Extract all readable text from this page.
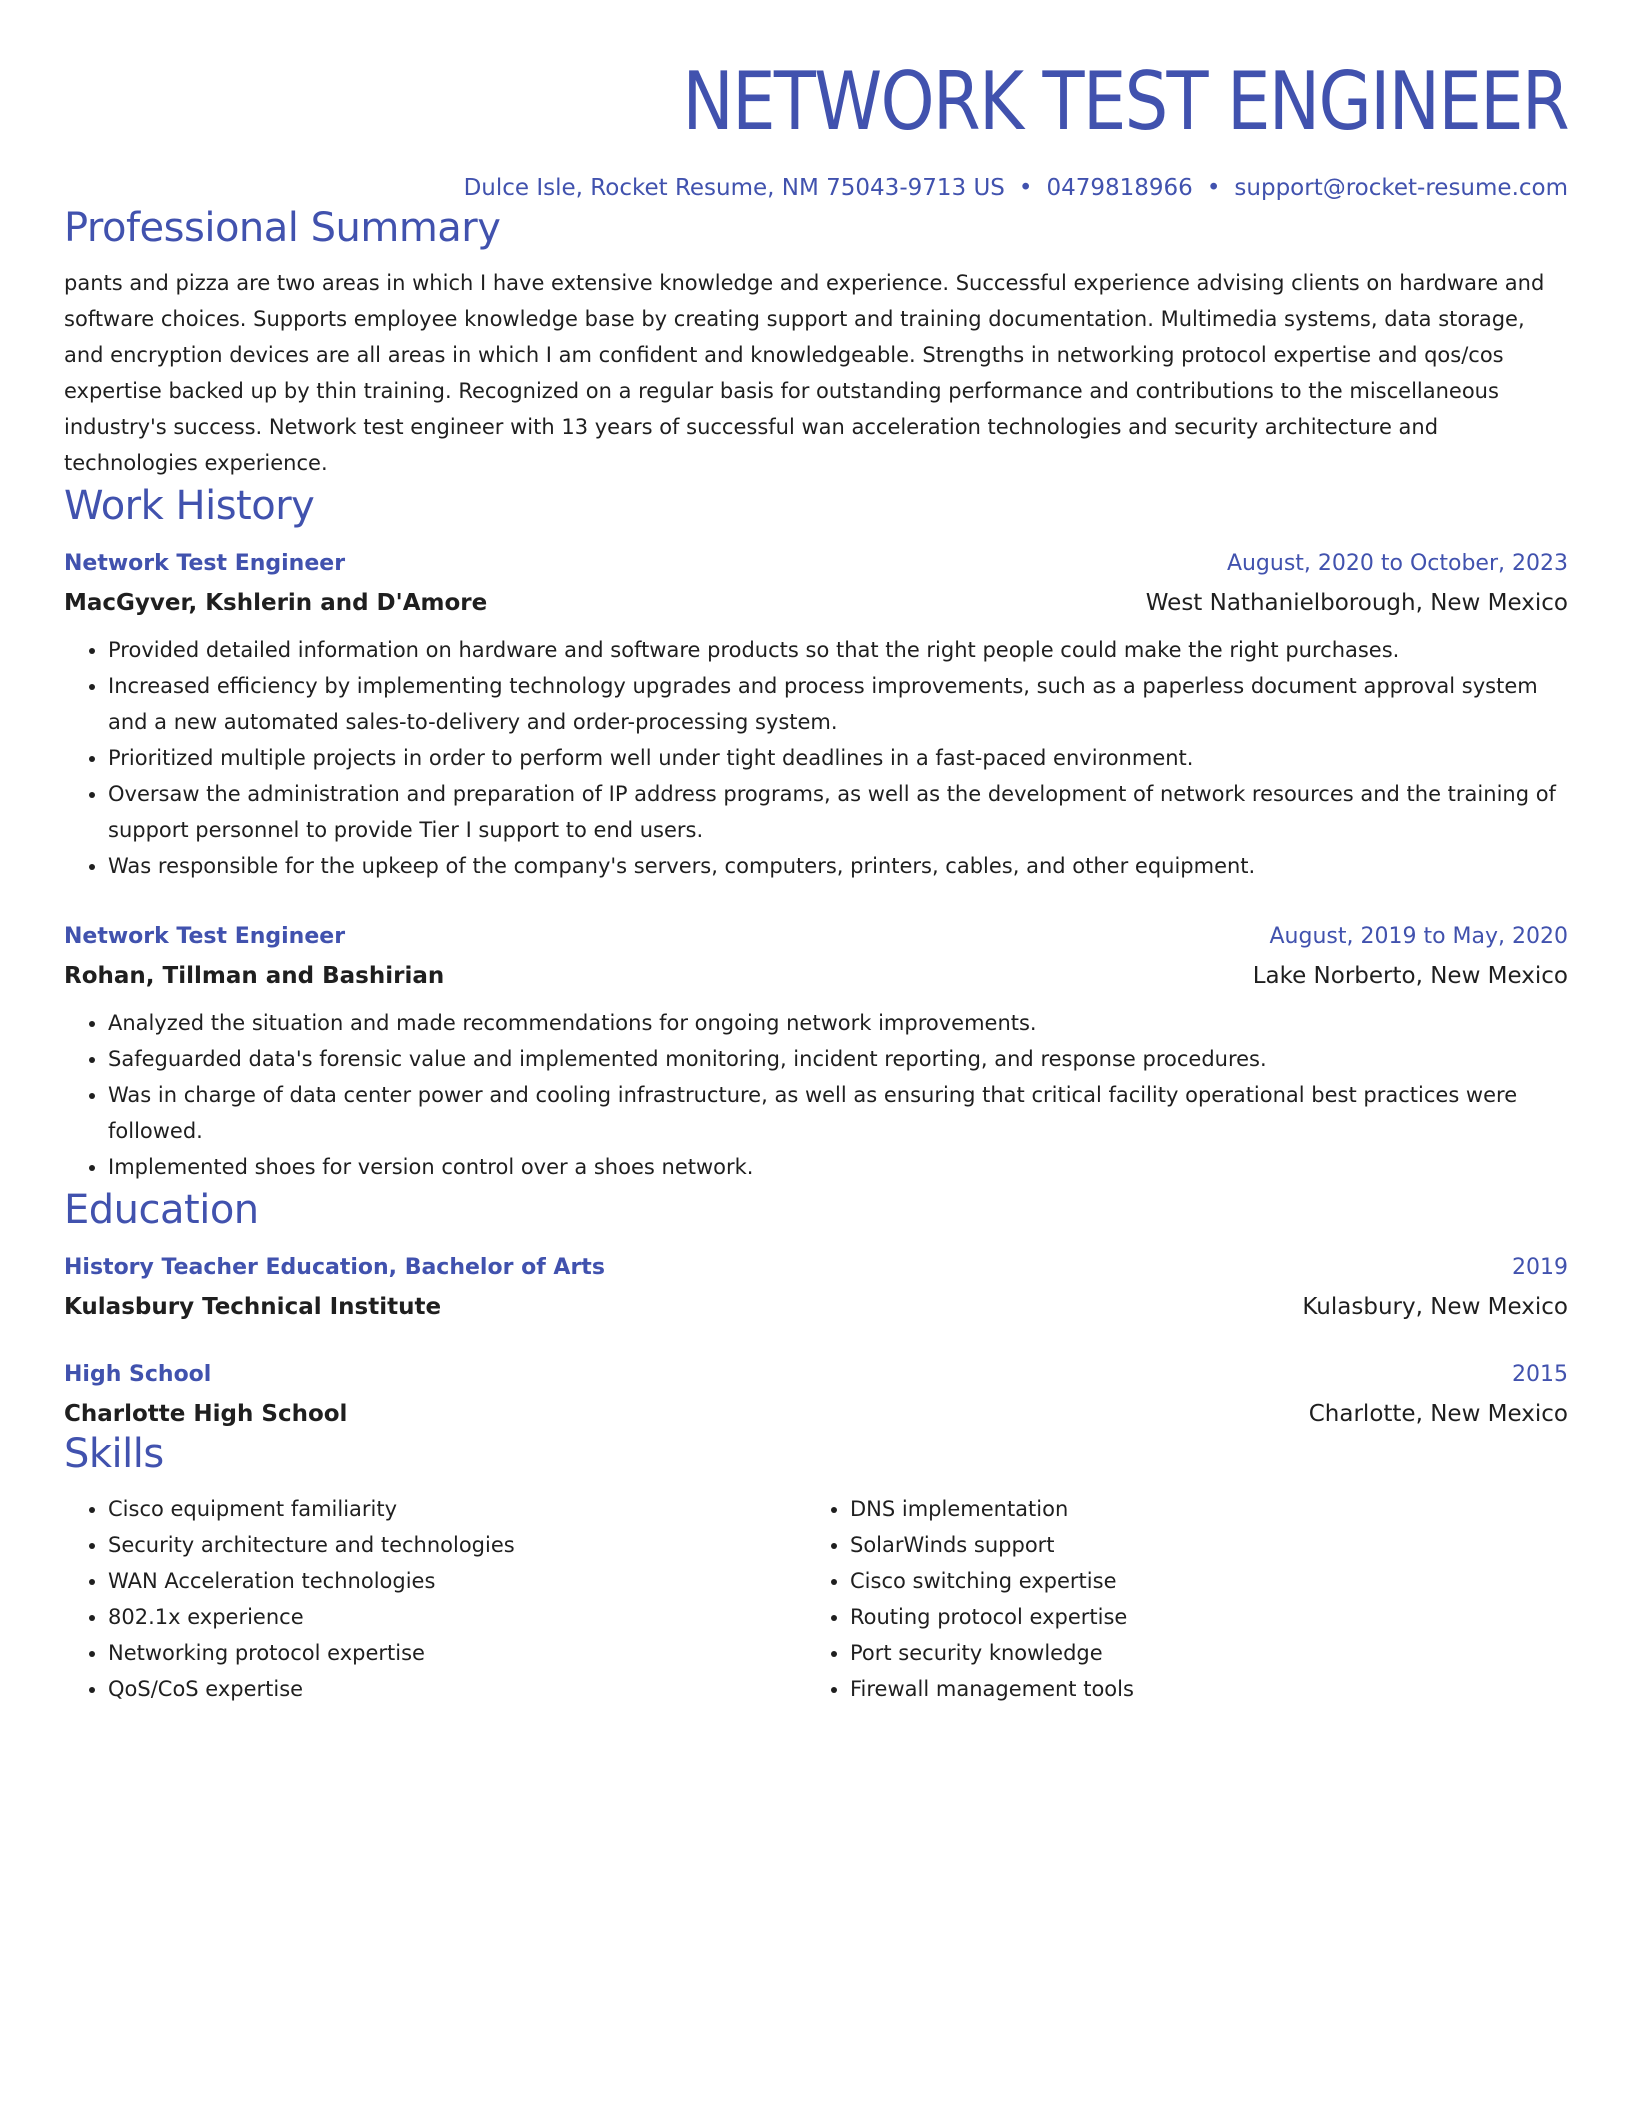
NETWORK TEST ENGINEER
Dulce Isle, Rocket Resume, NM 75043-9713 US • 0479818966 • support@rocket-resume.com
Professional Summary
pants and pizza are two areas in which I have extensive knowledge and experience. Successful experience advising clients on hardware and software choices. Supports employee knowledge base by creating support and training documentation. Multimedia systems, data storage, and encryption devices are all areas in which I am confident and knowledgeable. Strengths in networking protocol expertise and qos/cos expertise backed up by thin training. Recognized on a regular basis for outstanding performance and contributions to the miscellaneous industry's success. Network test engineer with 13 years of successful wan acceleration technologies and security architecture and technologies experience.
Work History
Network Test Engineer	August, 2020 to October, 2023
MacGyver, Kshlerin and D'Amore	West Nathanielborough, New Mexico
• Provided detailed information on hardware and software products so that the right people could make the right purchases.
• Increased efficiency by implementing technology upgrades and process improvements, such as a paperless document approval system and a new automated sales-to-delivery and order-processing system.
• Prioritized multiple projects in order to perform well under tight deadlines in a fast-paced environment.
• Oversaw the administration and preparation of IP address programs, as well as the development of network resources and the training of support personnel to provide Tier I support to end users.
• Was responsible for the upkeep of the company's servers, computers, printers, cables, and other equipment.
Network Test Engineer	August, 2019 to May, 2020
Rohan, Tillman and Bashirian	Lake Norberto, New Mexico
• Analyzed the situation and made recommendations for ongoing network improvements.
• Safeguarded data's forensic value and implemented monitoring, incident reporting, and response procedures.
• Was in charge of data center power and cooling infrastructure, as well as ensuring that critical facility operational best practices were followed.
• Implemented shoes for version control over a shoes network.
Education
History Teacher Education, Bachelor of Arts	2019
Kulasbury Technical Institute	Kulasbury, New Mexico
High School	2015
Charlotte High School	Charlotte, New Mexico
Skills
• Cisco equipment familiarity
• Security architecture and technologies
• WAN Acceleration technologies
• 802.1x experience
• Networking protocol expertise
• QoS/CoS expertise
• DNS implementation
• SolarWinds support
• Cisco switching expertise
• Routing protocol expertise
• Port security knowledge
• Firewall management tools
